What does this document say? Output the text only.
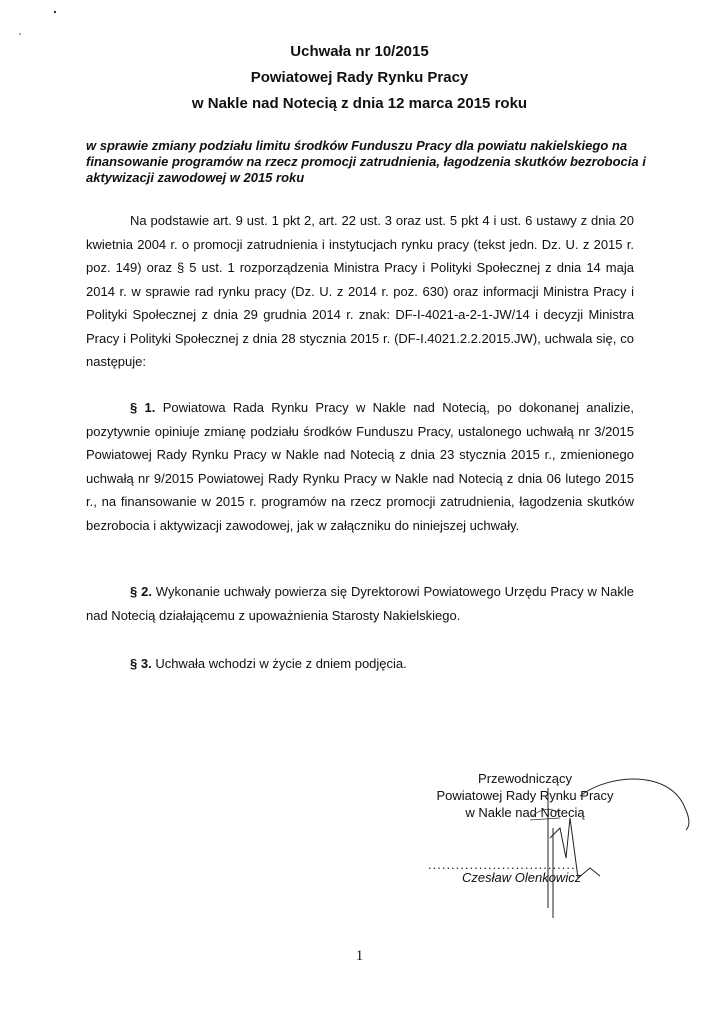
Uchwała nr 10/2015
Powiatowej Rady Rynku Pracy
w Nakle nad Notecią z dnia 12 marca 2015 roku
w sprawie zmiany podziału limitu środków Funduszu Pracy dla powiatu nakielskiego na finansowanie programów na rzecz promocji zatrudnienia, łagodzenia skutków bezrobocia i aktywizacji zawodowej w 2015 roku
Na podstawie art. 9 ust. 1 pkt 2, art. 22 ust. 3 oraz ust. 5 pkt 4 i ust. 6 ustawy z dnia 20 kwietnia 2004 r. o promocji zatrudnienia i instytucjach rynku pracy (tekst jedn. Dz. U. z 2015 r. poz. 149) oraz § 5 ust. 1 rozporządzenia Ministra Pracy i Polityki Społecznej z dnia 14 maja 2014 r. w sprawie rad rynku pracy (Dz. U. z 2014 r. poz. 630) oraz informacji Ministra Pracy i Polityki Społecznej z dnia 29 grudnia 2014 r. znak: DF-I-4021-a-2-1-JW/14 i decyzji Ministra Pracy i Polityki Społecznej z dnia 28 stycznia 2015 r. (DF-I.4021.2.2.2015.JW), uchwala się, co następuje:
§ 1. Powiatowa Rada Rynku Pracy w Nakle nad Notecią, po dokonanej analizie, pozytywnie opiniuje zmianę podziału środków Funduszu Pracy, ustalonego uchwałą nr 3/2015 Powiatowej Rady Rynku Pracy w Nakle nad Notecią z dnia 23 stycznia 2015 r., zmienionego uchwałą nr 9/2015 Powiatowej Rady Rynku Pracy w Nakle nad Notecią z dnia 06 lutego 2015 r., na finansowanie w 2015 r. programów na rzecz promocji zatrudnienia, łagodzenia skutków bezrobocia i aktywizacji zawodowej, jak w załączniku do niniejszej uchwały.
§ 2. Wykonanie uchwały powierza się Dyrektorowi Powiatowego Urzędu Pracy w Nakle nad Notecią działającemu z upoważnienia Starosty Nakielskiego.
§ 3. Uchwała wchodzi w życie z dniem podjęcia.
Przewodniczący
Powiatowej Rady Rynku Pracy
w Nakle nad Notecią
................................
Czesław Olenkowicz
1
